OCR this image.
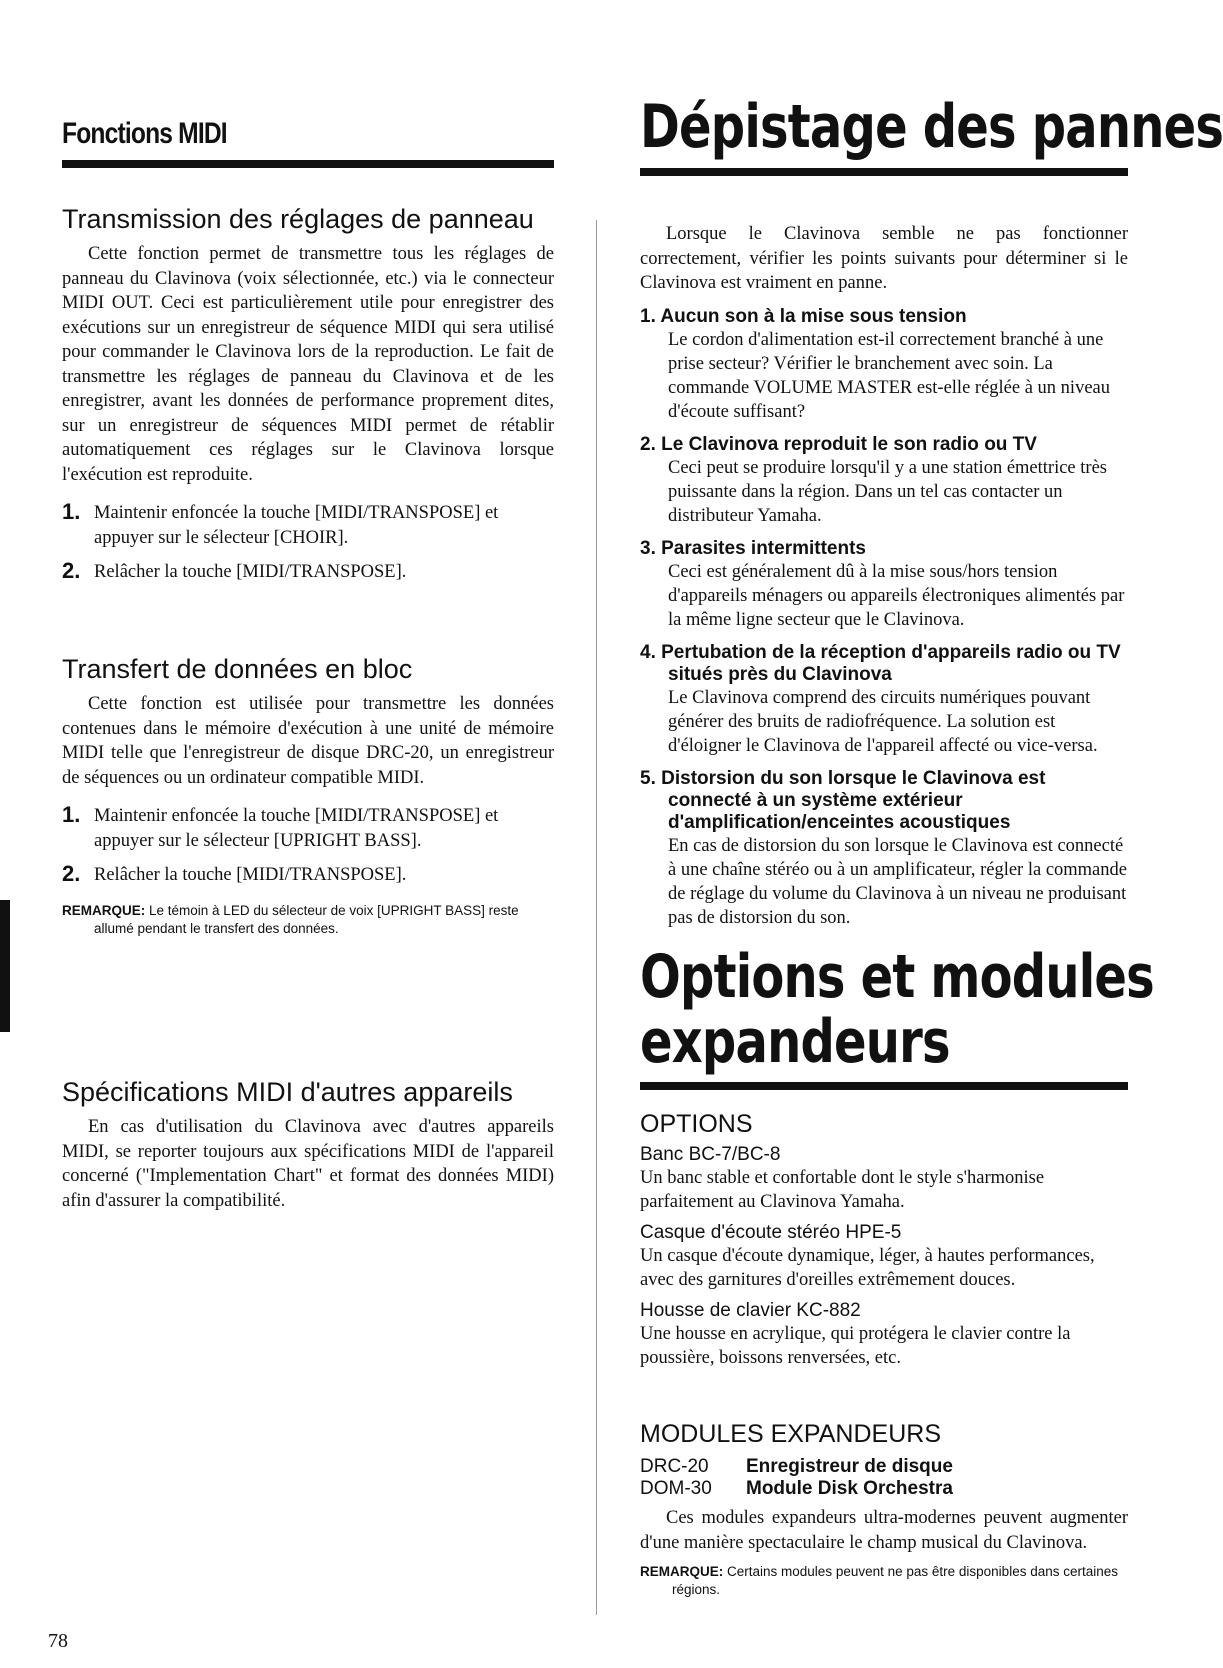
Fonctions MIDI
Transmission des réglages de panneau

Cette fonction permet de transmettre tous les réglages de panneau du Clavinova (voix sélectionnée, etc.) via le connecteur MIDI OUT. Ceci est particulièrement utile pour enregistrer des exécutions sur un enregistreur de séquence MIDI qui sera utilisé pour commander le Clavinova lors de la reproduction. Le fait de transmettre les réglages de panneau du Clavinova et de les enregistrer, avant les données de performance proprement dites, sur un enregistreur de séquences MIDI permet de rétablir automatiquement ces réglages sur le Clavinova lorsque l'exécution est reproduite.

1. Maintenir enfoncée la touche [MIDI/TRANSPOSE] et appuyer sur le sélecteur [CHOIR].
2. Relâcher la touche [MIDI/TRANSPOSE].
Transfert de données en bloc

Cette fonction est utilisée pour transmettre les données contenues dans le mémoire d'exécution à une unité de mémoire MIDI telle que l'enregistreur de disque DRC-20, un enregistreur de séquences ou un ordinateur compatible MIDI.

1. Maintenir enfoncée la touche [MIDI/TRANSPOSE] et appuyer sur le sélecteur [UPRIGHT BASS].
2. Relâcher la touche [MIDI/TRANSPOSE].
REMARQUE: Le témoin à LED du sélecteur de voix [UPRIGHT BASS] reste allumé pendant le transfert des données.
Spécifications MIDI d'autres appareils

En cas d'utilisation du Clavinova avec d'autres appareils MIDI, se reporter toujours aux spécifications MIDI de l'appareil concerné ("Implementation Chart" et format des données MIDI) afin d'assurer la compatibilité.

78
Dépistage des pannes

Lorsque le Clavinova semble ne pas fonctionner correctement, vérifier les points suivants pour déterminer si le Clavinova est vraiment en panne.

1. Aucun son à la mise sous tension
Le cordon d'alimentation est-il correctement branché à une prise secteur? Vérifier le branchement avec soin. La commande VOLUME MASTER est-elle réglée à un niveau d'écoute suffisant?
2. Le Clavinova reproduit le son radio ou TV
Ceci peut se produire lorsqu'il y a une station émettrice très puissante dans la région. Dans un tel cas contacter un distributeur Yamaha.
3. Parasites intermittents
Ceci est généralement dû à la mise sous/hors tension d'appareils ménagers ou appareils électroniques alimentés par la même ligne secteur que le Clavinova.
4. Pertubation de la réception d'appareils radio ou TV situés près du Clavinova
Le Clavinova comprend des circuits numériques pouvant générer des bruits de radiofréquence. La solution est d'éloigner le Clavinova de l'appareil affecté ou vice-versa.
5. Distorsion du son lorsque le Clavinova est connecté à un système extérieur d'amplification/enceintes acoustiques
En cas de distorsion du son lorsque le Clavinova est connecté à une chaîne stéréo ou à un amplificateur, régler la commande de réglage du volume du Clavinova à un niveau ne produisant pas de distorsion du son.
Options et modules
expandeurs
OPTIONS
Banc BC-7/BC-8
Un banc stable et confortable dont le style s'harmonise parfaitement au Clavinova Yamaha.
Casque d'écoute stéréo HPE-5
Un casque d'écoute dynamique, léger, à hautes performances, avec des garnitures d'oreilles extrêmement douces.
Housse de clavier KC-882
Une housse en acrylique, qui protégera le clavier contre la poussière, boissons renversées, etc.
MODULES EXPANDEURS
DRC-20 Enregistreur de disque
DOM-30 Module Disk Orchestra

Ces modules expandeurs ultra-modernes peuvent augmenter d'une manière spectaculaire le champ musical du Clavinova.

REMARQUE: Certains modules peuvent ne pas être disponibles dans certaines régions.
